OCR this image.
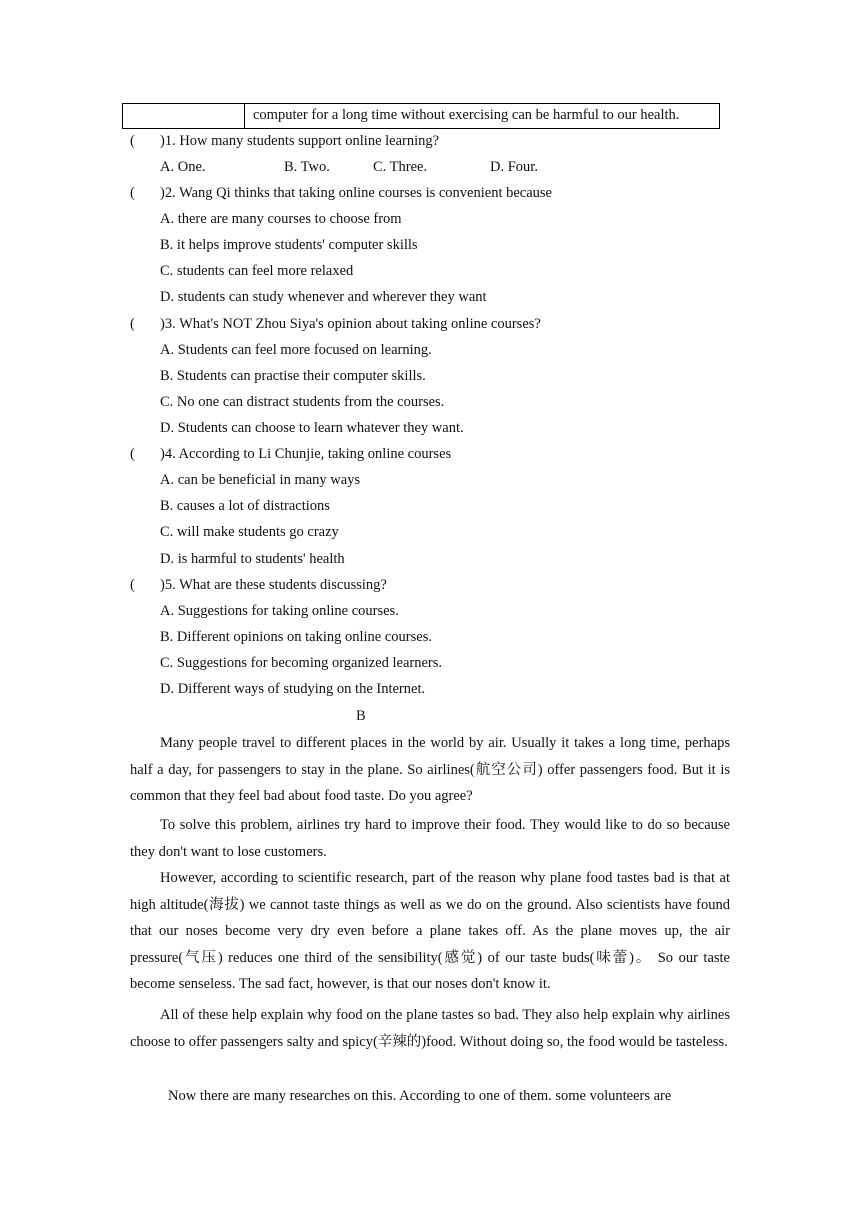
computer for a long time without exercising can be harmful to our health.
( )1. How many students support online learning?
A. One.	B. Two.	C. Three.	D. Four.
( )2. Wang Qi thinks that taking online courses is convenient because
A. there are many courses to choose from
B. it helps improve students' computer skills
C. students can feel more relaxed
D. students can study whenever and wherever they want
( )3. What's NOT Zhou Siya's opinion about taking online courses?
A. Students can feel more focused on learning.
B. Students can practise their computer skills.
C. No one can distract students from the courses.
D. Students can choose to learn whatever they want.
( )4. According to Li Chunjie, taking online courses
A. can be beneficial in many ways
B. causes a lot of distractions
C. will make students go crazy
D. is harmful to students' health
( )5. What are these students discussing?
A. Suggestions for taking online courses.
B. Different opinions on taking online courses.
C. Suggestions for becoming organized learners.
D. Different ways of studying on the Internet.
B
Many people travel to different places in the world by air. Usually it takes a long time, perhaps half a day, for passengers to stay in the plane. So airlines(航空公司) offer passengers food. But it is common that they feel bad about food taste. Do you agree?
To solve this problem, airlines try hard to improve their food. They would like to do so because they don't want to lose customers.
However, according to scientific research, part of the reason why plane food tastes bad is that at high altitude(海拔) we cannot taste things as well as we do on the ground. Also scientists have found that our noses become very dry even before a plane takes off. As the plane moves up, the air pressure(气压) reduces one third of the sensibility(感觉) of our taste buds(味蕾)。 So our taste become senseless. The sad fact, however, is that our noses don't know it.
All of these help explain why food on the plane tastes so bad. They also help explain why airlines choose to offer passengers salty and spicy(辛辣的)food. Without doing so, the food would be tasteless.
Now there are many researches on this. According to one of them. some volunteers are
